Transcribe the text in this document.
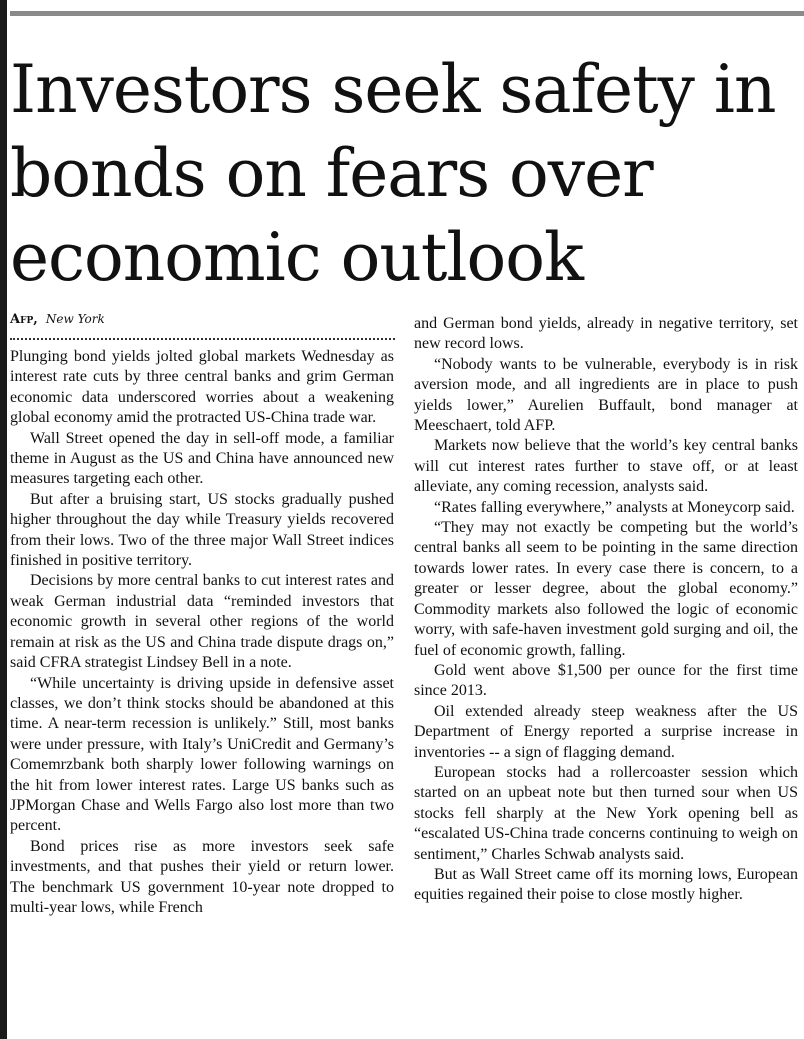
Investors seek safety in bonds on fears over economic outlook
Afp, New York

Plunging bond yields jolted global markets Wednesday as interest rate cuts by three central banks and grim German economic data underscored worries about a weakening global economy amid the protracted US-China trade war.

Wall Street opened the day in sell-off mode, a familiar theme in August as the US and China have announced new measures targeting each other.

But after a bruising start, US stocks gradually pushed higher throughout the day while Treasury yields recovered from their lows. Two of the three major Wall Street indices finished in positive territory.

Decisions by more central banks to cut interest rates and weak German industrial data “reminded investors that economic growth in several other regions of the world remain at risk as the US and China trade dispute drags on,” said CFRA strategist Lindsey Bell in a note.

“While uncertainty is driving upside in defensive asset classes, we don’t think stocks should be abandoned at this time. A near-term recession is unlikely.” Still, most banks were under pressure, with Italy’s UniCredit and Germany’s Comemrzbank both sharply lower following warnings on the hit from lower interest rates. Large US banks such as JPMorgan Chase and Wells Fargo also lost more than two percent.

Bond prices rise as more investors seek safe investments, and that pushes their yield or return lower. The benchmark US government 10-year note dropped to multi-year lows, while French

and German bond yields, already in negative territory, set new record lows.

“Nobody wants to be vulnerable, everybody is in risk aversion mode, and all ingredients are in place to push yields lower,” Aurelien Buffault, bond manager at Meeschaert, told AFP.

Markets now believe that the world’s key central banks will cut interest rates further to stave off, or at least alleviate, any coming recession, analysts said.

“Rates falling everywhere,” analysts at Moneycorp said.

“They may not exactly be competing but the world’s central banks all seem to be pointing in the same direction towards lower rates. In every case there is concern, to a greater or lesser degree, about the global economy.” Commodity markets also followed the logic of economic worry, with safe-haven investment gold surging and oil, the fuel of economic growth, falling.

Gold went above $1,500 per ounce for the first time since 2013.

Oil extended already steep weakness after the US Department of Energy reported a surprise increase in inventories -- a sign of flagging demand.

European stocks had a rollercoaster session which started on an upbeat note but then turned sour when US stocks fell sharply at the New York opening bell as “escalated US-China trade concerns continuing to weigh on sentiment,” Charles Schwab analysts said.

But as Wall Street came off its morning lows, European equities regained their poise to close mostly higher.
